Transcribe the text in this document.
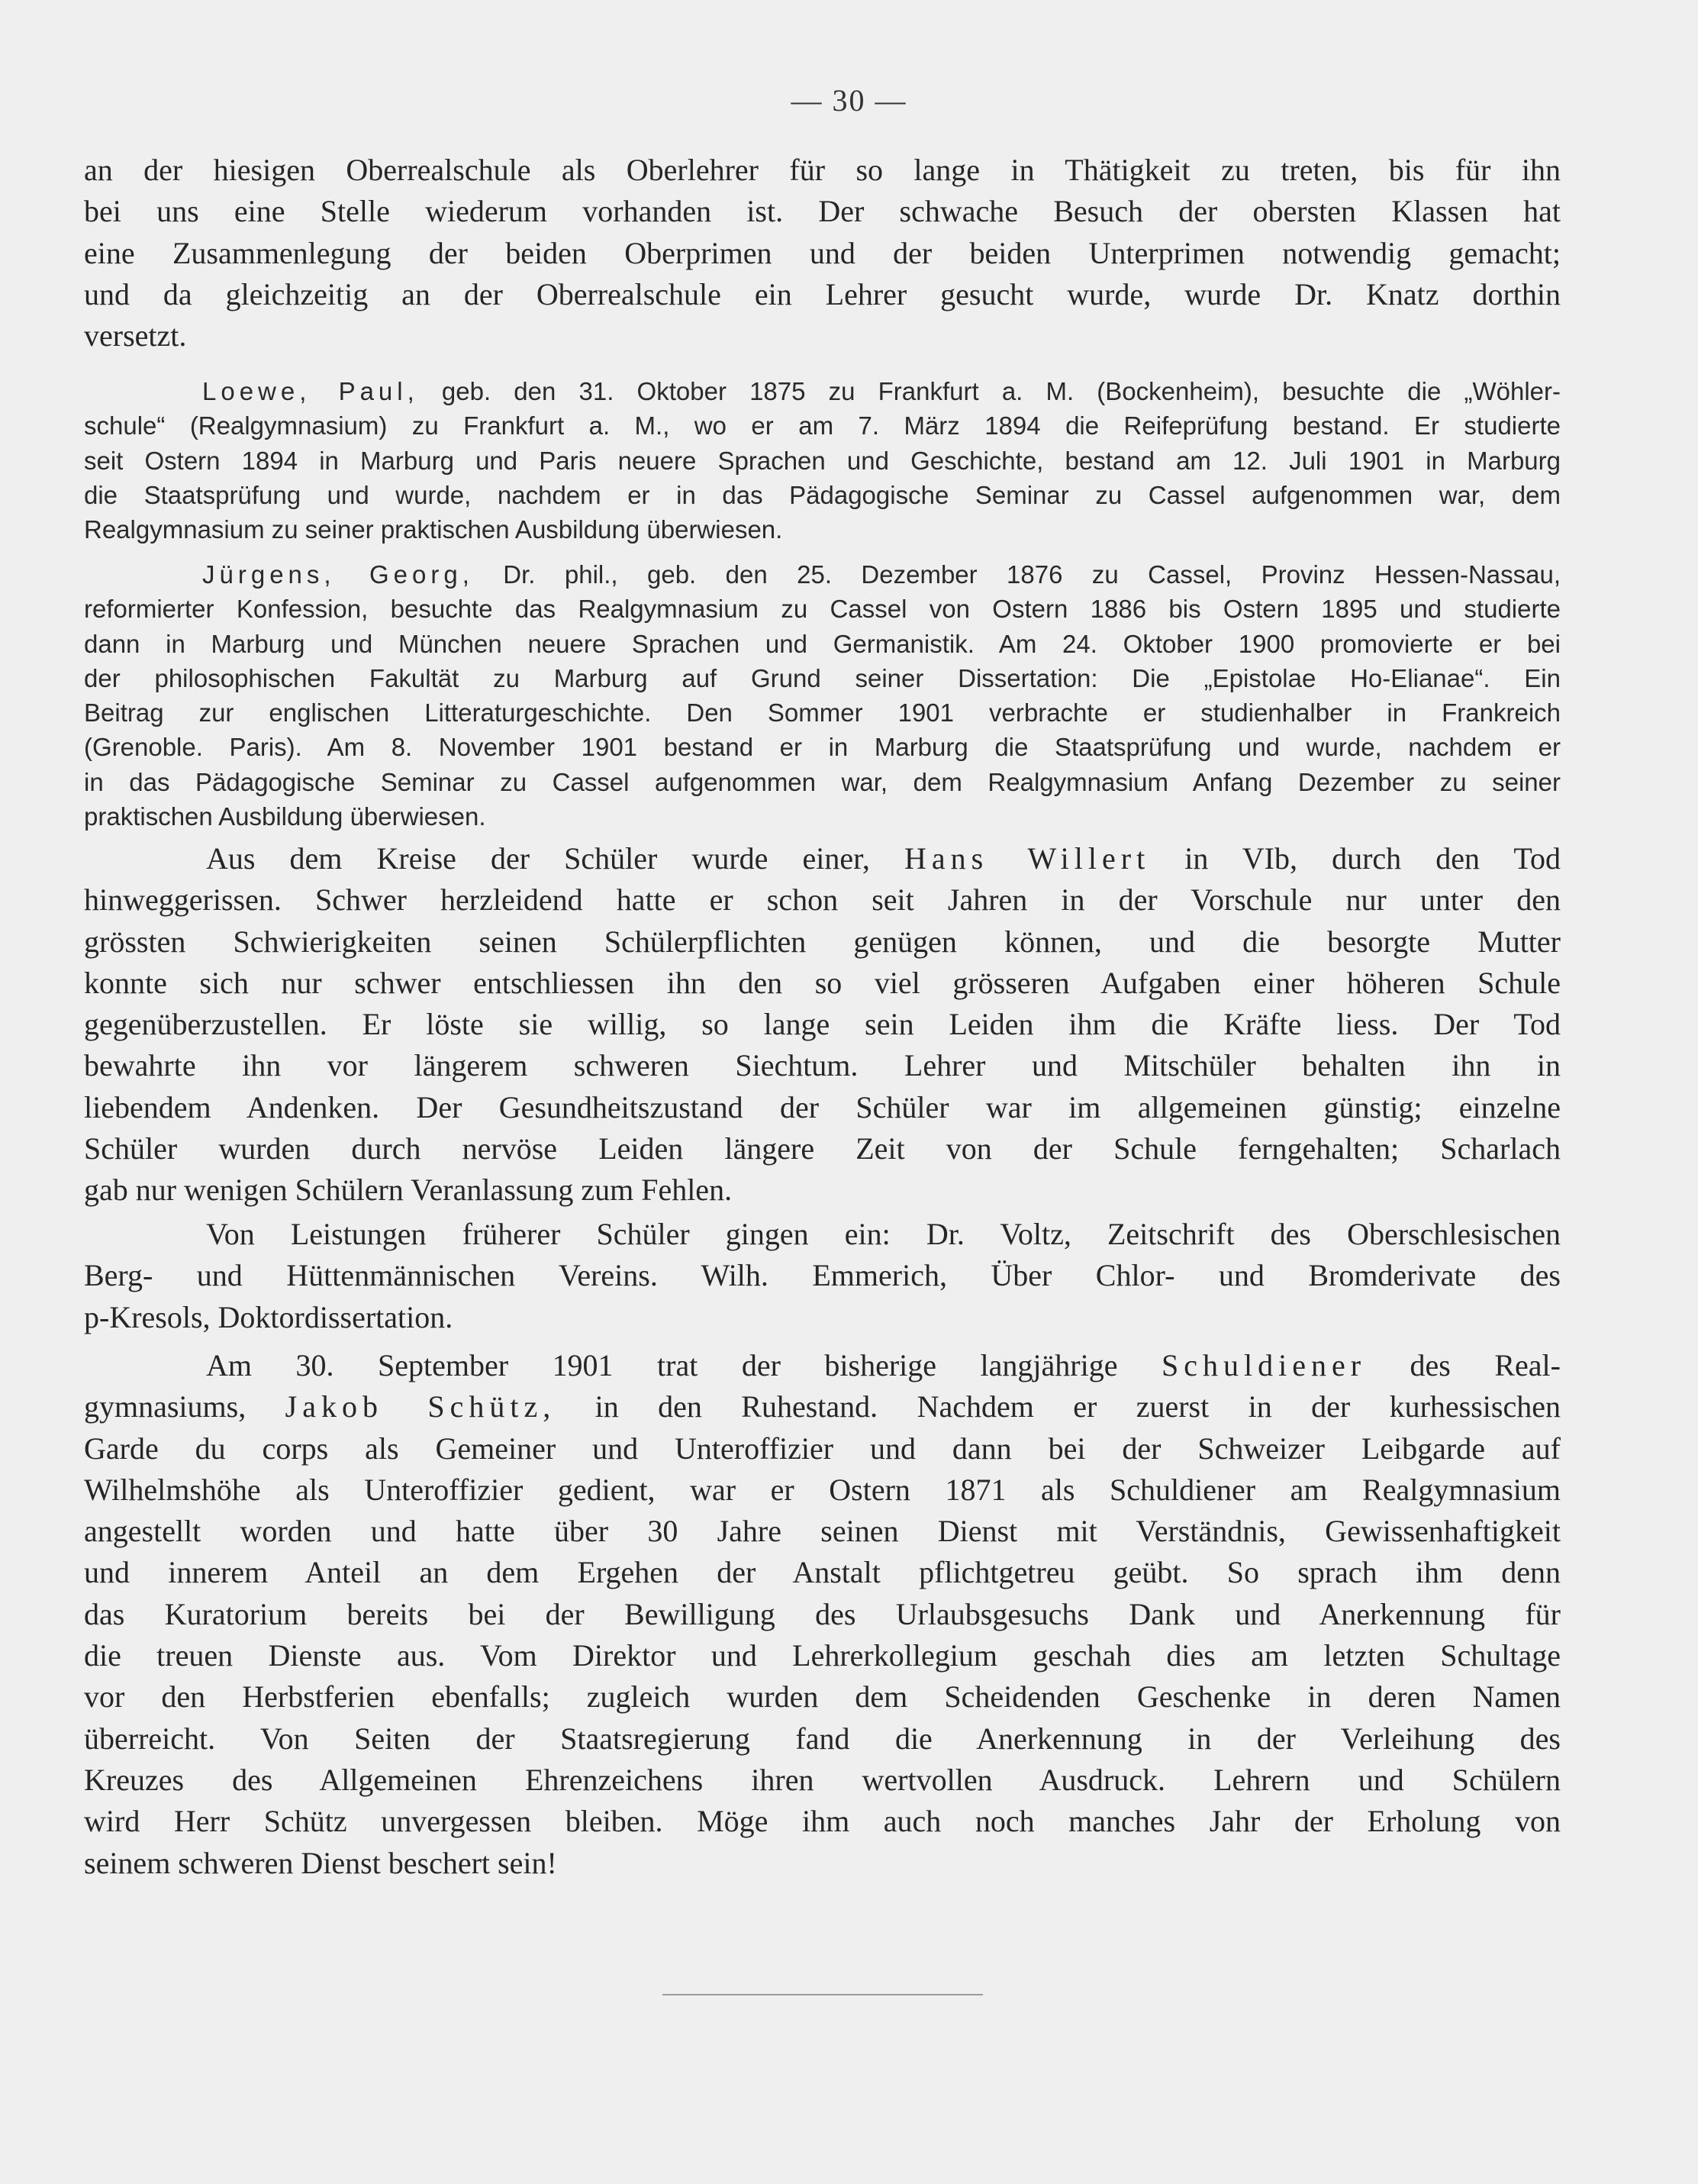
— 30 —
an der hiesigen Oberrealschule als Oberlehrer für so lange in Thätigkeit zu treten, bis für ihn
bei uns eine Stelle wiederum vorhanden ist. Der schwache Besuch der obersten Klassen hat
eine Zusammenlegung der beiden Oberprimen und der beiden Unterprimen notwendig gemacht;
und da gleichzeitig an der Oberrealschule ein Lehrer gesucht wurde, wurde Dr. Knatz dorthin
versetzt.
Loewe, Paul, geb. den 31. Oktober 1875 zu Frankfurt a. M. (Bockenheim), besuchte die „Wöhler-
schule“ (Realgymnasium) zu Frankfurt a. M., wo er am 7. März 1894 die Reifeprüfung bestand. Er studierte
seit Ostern 1894 in Marburg und Paris neuere Sprachen und Geschichte, bestand am 12. Juli 1901 in Marburg
die Staatsprüfung und wurde, nachdem er in das Pädagogische Seminar zu Cassel aufgenommen war, dem
Realgymnasium zu seiner praktischen Ausbildung überwiesen.
Jürgens, Georg, Dr. phil., geb. den 25. Dezember 1876 zu Cassel, Provinz Hessen-Nassau,
reformierter Konfession, besuchte das Realgymnasium zu Cassel von Ostern 1886 bis Ostern 1895 und studierte
dann in Marburg und München neuere Sprachen und Germanistik. Am 24. Oktober 1900 promovierte er bei
der philosophischen Fakultät zu Marburg auf Grund seiner Dissertation: Die „Epistolae Ho-Elianae“. Ein
Beitrag zur englischen Litteraturgeschichte. Den Sommer 1901 verbrachte er studienhalber in Frankreich
(Grenoble. Paris). Am 8. November 1901 bestand er in Marburg die Staatsprüfung und wurde, nachdem er
in das Pädagogische Seminar zu Cassel aufgenommen war, dem Realgymnasium Anfang Dezember zu seiner
praktischen Ausbildung überwiesen.
Aus dem Kreise der Schüler wurde einer, Hans Willert in VIb, durch den Tod
hinweggerissen. Schwer herzleidend hatte er schon seit Jahren in der Vorschule nur unter den
grössten Schwierigkeiten seinen Schülerpflichten genügen können, und die besorgte Mutter
konnte sich nur schwer entschliessen ihn den so viel grösseren Aufgaben einer höheren Schule
gegenüberzustellen. Er löste sie willig, so lange sein Leiden ihm die Kräfte liess. Der Tod
bewahrte ihn vor längerem schweren Siechtum. Lehrer und Mitschüler behalten ihn in
liebendem Andenken. Der Gesundheitszustand der Schüler war im allgemeinen günstig; einzelne
Schüler wurden durch nervöse Leiden längere Zeit von der Schule ferngehalten; Scharlach
gab nur wenigen Schülern Veranlassung zum Fehlen.
Von Leistungen früherer Schüler gingen ein: Dr. Voltz, Zeitschrift des Oberschlesischen
Berg- und Hüttenmännischen Vereins. Wilh. Emmerich, Über Chlor- und Bromderivate des
p-Kresols, Doktordissertation.
Am 30. September 1901 trat der bisherige langjährige Schuldiener des Real-
gymnasiums, Jakob Schütz, in den Ruhestand. Nachdem er zuerst in der kurhessischen
Garde du corps als Gemeiner und Unteroffizier und dann bei der Schweizer Leibgarde auf
Wilhelmshöhe als Unteroffizier gedient, war er Ostern 1871 als Schuldiener am Realgymnasium
angestellt worden und hatte über 30 Jahre seinen Dienst mit Verständnis, Gewissenhaftigkeit
und innerem Anteil an dem Ergehen der Anstalt pflichtgetreu geübt. So sprach ihm denn
das Kuratorium bereits bei der Bewilligung des Urlaubsgesuchs Dank und Anerkennung für
die treuen Dienste aus. Vom Direktor und Lehrerkollegium geschah dies am letzten Schultage
vor den Herbstferien ebenfalls; zugleich wurden dem Scheidenden Geschenke in deren Namen
überreicht. Von Seiten der Staatsregierung fand die Anerkennung in der Verleihung des
Kreuzes des Allgemeinen Ehrenzeichens ihren wertvollen Ausdruck. Lehrern und Schülern
wird Herr Schütz unvergessen bleiben. Möge ihm auch noch manches Jahr der Erholung von
seinem schweren Dienst beschert sein!
